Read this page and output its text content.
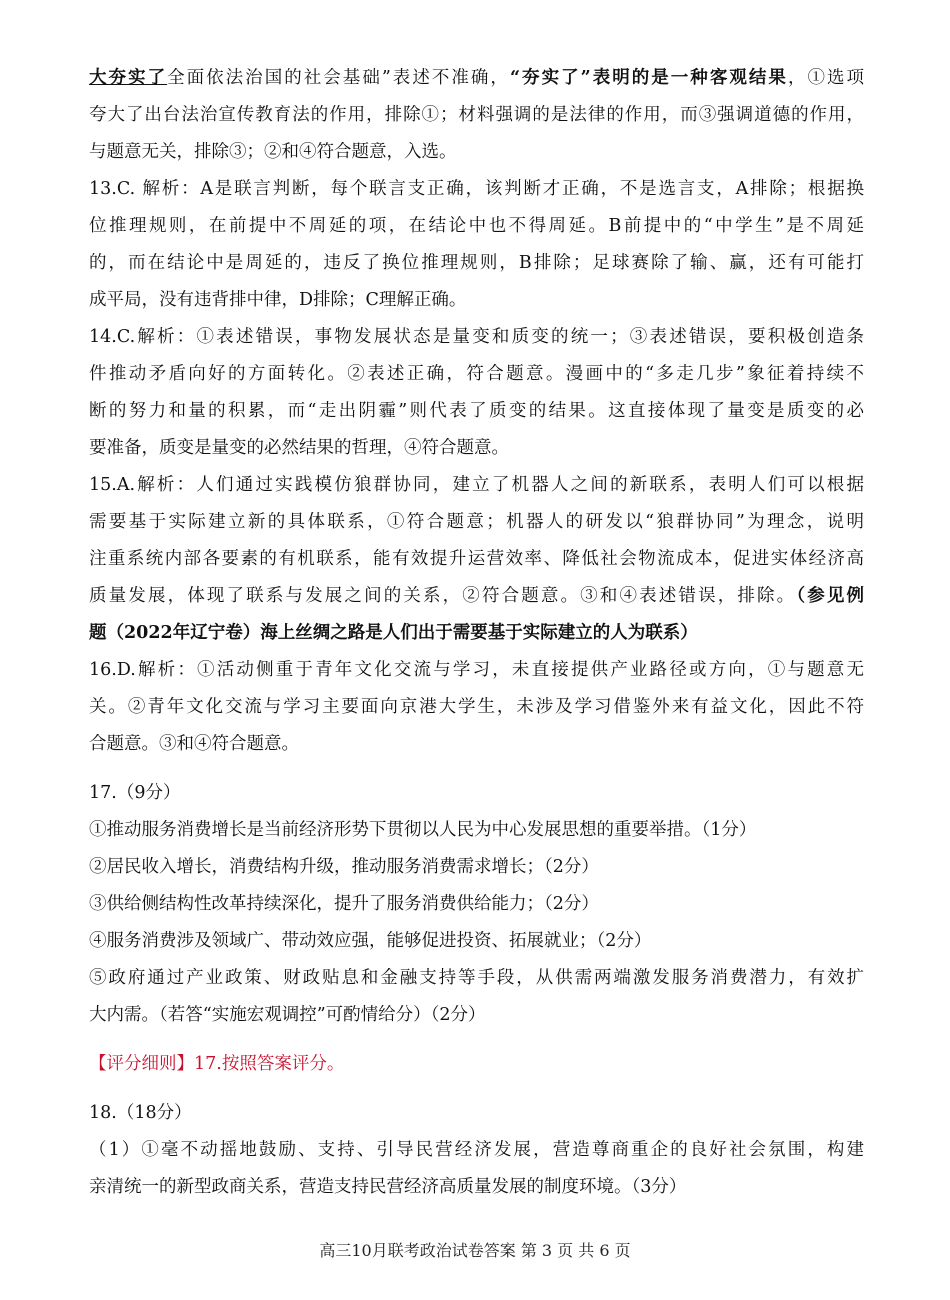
大夯实了全面依法治国的社会基础”表述不准确，“夯实了”表明的是一种客观结果，①选项
夸大了出台法治宣传教育法的作用，排除①；材料强调的是法律的作用，而③强调道德的作用，
与题意无关，排除③；②和④符合题意，入选。
13.C. 解析：A是联言判断，每个联言支正确，该判断才正确，不是选言支，A排除；根据换
位推理规则，在前提中不周延的项，在结论中也不得周延。B前提中的“中学生”是不周延
的，而在结论中是周延的，违反了换位推理规则，B排除；足球赛除了输、赢，还有可能打
成平局，没有违背排中律，D排除；C理解正确。
14.C.解析：①表述错误，事物发展状态是量变和质变的统一；③表述错误，要积极创造条
件推动矛盾向好的方面转化。②表述正确，符合题意。漫画中的“多走几步”象征着持续不
断的努力和量的积累，而“走出阴霾”则代表了质变的结果。这直接体现了量变是质变的必
要准备，质变是量变的必然结果的哲理，④符合题意。
15.A.解析：人们通过实践模仿狼群协同，建立了机器人之间的新联系，表明人们可以根据
需要基于实际建立新的具体联系，①符合题意；机器人的研发以“狼群协同”为理念，说明
注重系统内部各要素的有机联系，能有效提升运营效率、降低社会物流成本，促进实体经济高
质量发展，体现了联系与发展之间的关系，②符合题意。③和④表述错误，排除。（参见例
题（2022年辽宁卷）海上丝绸之路是人们出于需要基于实际建立的人为联系）
16.D.解析：①活动侧重于青年文化交流与学习，未直接提供产业路径或方向，①与题意无
关。②青年文化交流与学习主要面向京港大学生，未涉及学习借鉴外来有益文化，因此不符
合题意。③和④符合题意。
17.（9分）
①推动服务消费增长是当前经济形势下贯彻以人民为中心发展思想的重要举措。（1分）
②居民收入增长，消费结构升级，推动服务消费需求增长；（2分）
③供给侧结构性改革持续深化，提升了服务消费供给能力；（2分）
④服务消费涉及领域广、带动效应强，能够促进投资、拓展就业；（2分）
⑤政府通过产业政策、财政贴息和金融支持等手段，从供需两端激发服务消费潜力，有效扩
大内需。（若答“实施宏观调控”可酌情给分）（2分）
【评分细则】17.按照答案评分。
18.（18分）
（1）①毫不动摇地鼓励、支持、引导民营经济发展，营造尊商重企的良好社会氛围，构建
亲清统一的新型政商关系，营造支持民营经济高质量发展的制度环境。（3分）
高三10月联考政治试卷答案 第 3 页 共 6 页
